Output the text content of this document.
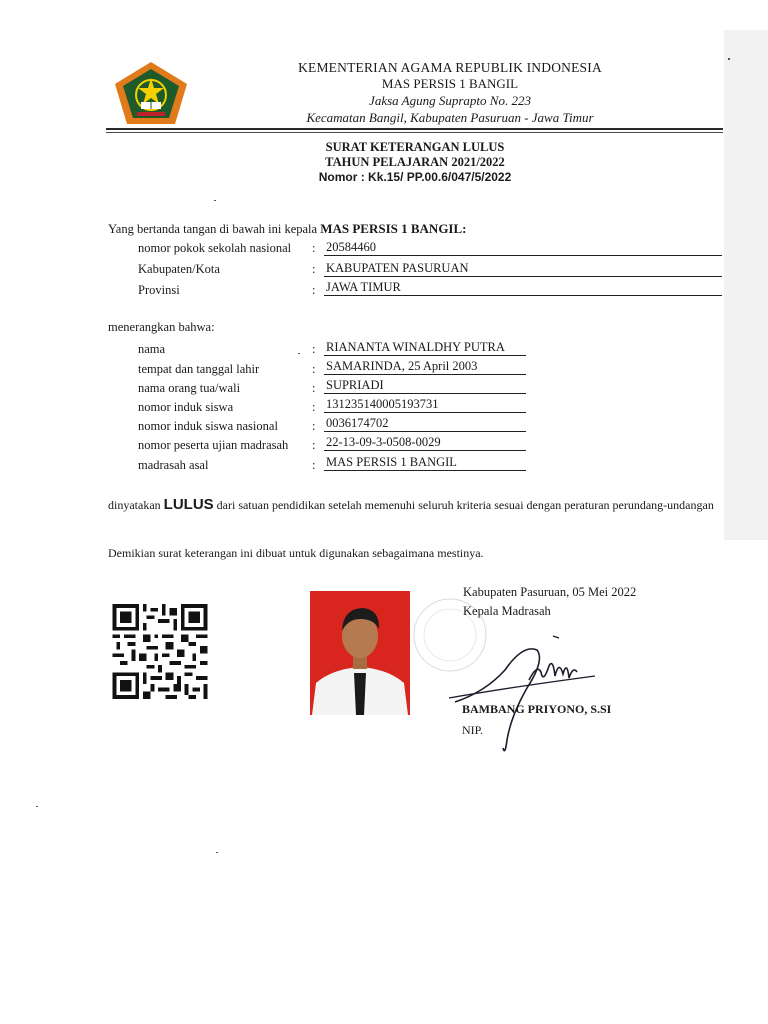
KEMENTERIAN AGAMA REPUBLIK INDONESIA
MAS PERSIS 1 BANGIL
Jaksa Agung Suprapto No. 223
Kecamatan Bangil, Kabupaten Pasuruan - Jawa Timur
SURAT KETERANGAN LULUS
TAHUN PELAJARAN 2021/2022
Nomor : Kk.15/ PP.00.6/047/5/2022
Yang bertanda tangan di bawah ini kepala MAS PERSIS 1 BANGIL:
nomor pokok sekolah nasional : 20584460
Kabupaten/Kota	: KABUPATEN PASURUAN
Provinsi	: JAWA TIMUR
menerangkan bahwa:
nama	: RIANANTA WINALDHY PUTRA
tempat dan tanggal lahir	: SAMARINDA, 25 April 2003
nama orang tua/wali	: SUPRIADI
nomor induk siswa	: 131235140005193731
nomor induk siswa nasional	: 0036174702
nomor peserta ujian madrasah : 22-13-09-3-0508-0029
madrasah asal	: MAS PERSIS 1 BANGIL
dinyatakan LULUS dari satuan pendidikan setelah memenuhi seluruh kriteria sesuai dengan peraturan perundang-undangan
Demikian surat keterangan ini dibuat untuk digunakan sebagaimana mestinya.
Kabupaten Pasuruan, 05 Mei 2022
Kepala Madrasah
BAMBANG PRIYONO, S.SI
NIP.
